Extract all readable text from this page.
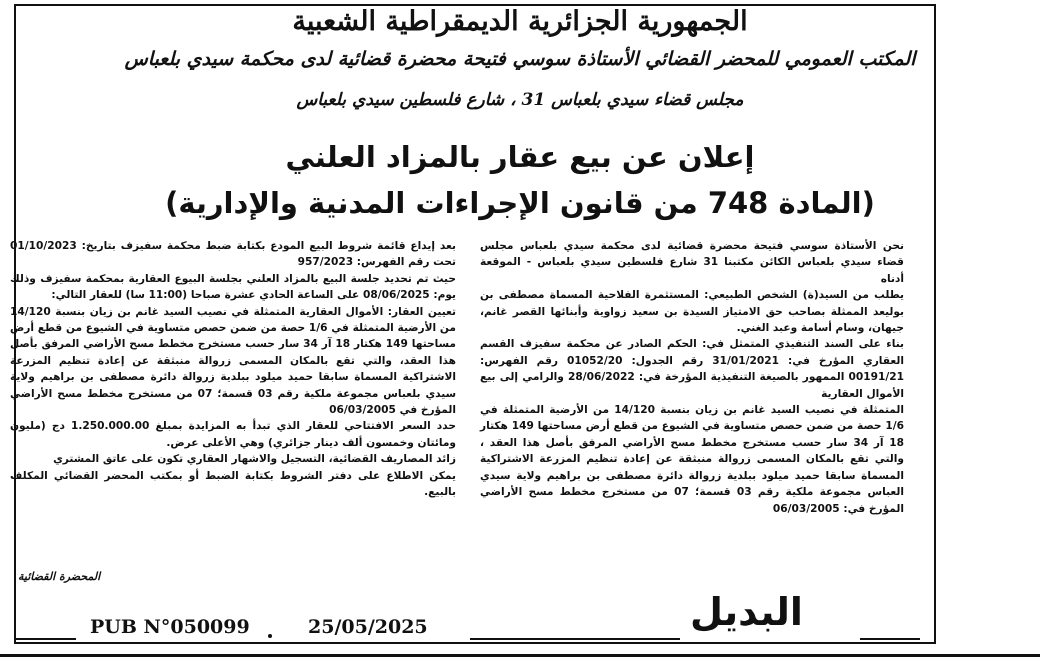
الجمهورية الجزائرية الديمقراطية الشعبية
المكتب العمومي للمحضر القضائي الأستاذة سوسي فتيحة محضرة قضائية لدى محكمة سيدي بلعباس
مجلس قضاء سيدي بلعباس 31 ، شارع فلسطين سيدي بلعباس
إعلان عن بيع عقار بالمزاد العلني
(المادة 748 من قانون الإجراءات المدنية والإدارية)

نحن الأستاذة سوسي فتيحة محضرة قضائية لدى محكمة سيدي بلعباس مجلس قضاء سيدي بلعباس الكائن مكتبنا 31 شارع فلسطين سيدي بلعباس - الموقعة أدناه

يطلب من السيد(ة) الشخص الطبيعي: المستثمرة الفلاحية المسماة مصطفى بن بوليعد الممثلة بصاحب حق الامتياز السيدة بن سعيد زواوية وأبنائها القصر غانم، جيهان، وسام أسامة وعبد الغني.

بناء على السند التنفيذي المتمثل في: الحكم الصادر عن محكمة سفيزف القسم العقاري المؤرخ في: 31/01/2021 رقم الجدول: 01052/20 رقم الفهرس: 00191/21 الممهور بالصيغة التنفيذية المؤرخة في: 28/06/2022 والرامي إلى بيع الأموال العقارية

المتمثلة في نصيب السيد غانم بن زيان بنسبة 14/120 من الأرضية المتمثلة في 1/6 حصة من ضمن حصص متساوية في الشيوع من قطع أرض مساحتها 149 هكتار 18 آر 34 سار حسب مستخرج مخطط مسح الأراضي المرفق بأصل هذا العقد ، والتي تقع بالمكان المسمى زروالة منبثقة عن إعادة تنظيم المزرعة الاشتراكية المسماة سابقا حميد ميلود ببلدية زروالة دائرة مصطفى بن براهيم ولاية سيدي العباس مجموعة ملكية رقم 03 قسمة؛ 07 من مستخرج مخطط مسح الأراضي المؤرخ في: 06/03/2005

بعد إيداع قائمة شروط البيع المودع بكتابة ضبط محكمة سفيزف بتاريخ: 01/10/2023 تحت رقم الفهرس: 957/2023

حيث تم تحديد جلسة البيع بالمزاد العلني بجلسة البيوع العقارية بمحكمة سفيزف وذلك يوم: 08/06/2025 على الساعة الحادي عشرة صباحا (11:00 سا) للعقار التالي:

تعيين العقار: الأموال العقارية المتمثلة في نصيب السيد غانم بن زيان بنسبة 14/120 من الأرضية المتمثلة في 1/6 حصة من ضمن حصص متساوية في الشيوع من قطع أرض مساحتها 149 هكتار 18 آر 34 سار حسب مستخرج مخطط مسح الأراضي المرفق بأصل هذا العقد، والتي تقع بالمكان المسمى زروالة منبثقة عن إعادة تنظيم المزرعة الاشتراكية المسماة سابقا حميد ميلود ببلدية زروالة دائرة مصطفى بن براهيم ولاية سيدي بلعباس مجموعة ملكية رقم 03 قسمة؛ 07 من مستخرج مخطط مسح الأراضي المؤرخ في 06/03/2005

حدد السعر الافتتاحي للعقار الذي تبدأ به المزايدة بمبلغ 1.250.000.00 دج (مليون ومائتان وخمسون ألف دينار جزائري) وهي الأعلى عرض.

زائد المصاريف القضائية، التسجيل والاشهار العقاري تكون على عاتق المشتري

يمكن الاطلاع على دفتر الشروط بكتابة الضبط أو بمكتب المحضر القضائي المكلف بالبيع.

المحضرة القضائية
البديل
PUB N°050099	25/05/2025
